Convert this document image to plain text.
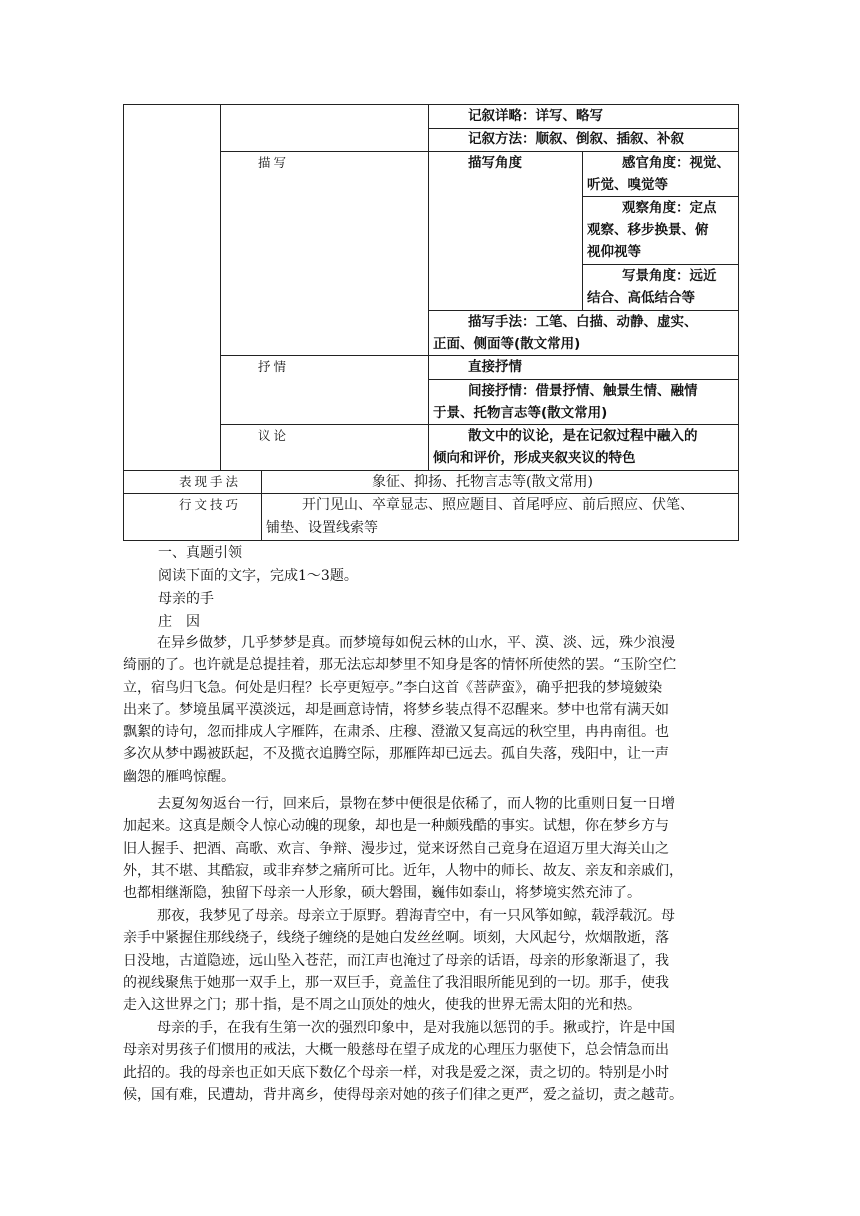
记叙详略：详写、略写
记叙方法：顺叙、倒叙、插叙、补叙
描写	描写角度	感官角度：视觉、
听觉、嗅觉等
观察角度：定点
观察、移步换景、俯
视仰视等
写景角度：远近
结合、高低结合等
描写手法：工笔、白描、动静、虚实、
正面、侧面等(散文常用)
抒情	直接抒情
间接抒情：借景抒情、触景生情、融情
于景、托物言志等(散文常用)
议论	散文中的议论，是在记叙过程中融入的
倾向和评价，形成夹叙夹议的特色
表现手法	象征、抑扬、托物言志等(散文常用)
行文技巧	开门见山、卒章显志、照应题目、首尾呼应、前后照应、伏笔、
铺垫、设置线索等
一、真题引领
阅读下面的文字，完成1～3题。
母亲的手
庄　因
在异乡做梦，几乎梦梦是真。而梦境每如倪云林的山水，平、漠、淡、远，殊少浪漫
绮丽的了。也许就是总提挂着，那无法忘却梦里不知身是客的情怀所使然的罢。“玉阶空伫
立，宿鸟归飞急。何处是归程？长亭更短亭。”李白这首《菩萨蛮》，确乎把我的梦境皴染
出来了。梦境虽属平漠淡远，却是画意诗情，将梦乡装点得不忍醒来。梦中也常有满天如
飘絮的诗句，忽而排成人字雁阵，在肃杀、庄穆、澄澈又复高远的秋空里，冉冉南徂。也
多次从梦中踢被跃起，不及揽衣追腾空际，那雁阵却已远去。孤自失落，残阳中，让一声
幽怨的雁鸣惊醒。
去夏匆匆返台一行，回来后，景物在梦中便很是依稀了，而人物的比重则日复一日增
加起来。这真是颇令人惊心动魄的现象，却也是一种颇残酷的事实。试想，你在梦乡方与
旧人握手、把酒、高歌、欢言、争辩、漫步过，觉来讶然自己竟身在迢迢万里大海关山之
外，其不堪、其酷寂，或非弃梦之痛所可比。近年，人物中的师长、故友、亲友和亲戚们，
也都相继渐隐，独留下母亲一人形象，硕大磐围，巍伟如泰山，将梦境实然充沛了。
那夜，我梦见了母亲。母亲立于原野。碧海青空中，有一只风筝如鲸，载浮载沉。母
亲手中紧握住那线绕子，线绕子缠绕的是她白发丝丝啊。顷刻，大风起兮，炊烟散逝，落
日没地，古道隐迹，远山坠入苍茫，而江声也淹过了母亲的话语，母亲的形象渐退了，我
的视线聚焦于她那一双手上，那一双巨手，竟盖住了我泪眼所能见到的一切。那手，使我
走入这世界之门；那十指，是不周之山顶处的烛火，使我的世界无需太阳的光和热。
母亲的手，在我有生第一次的强烈印象中，是对我施以惩罚的手。揪或拧，许是中国
母亲对男孩子们惯用的戒法，大概一般慈母在望子成龙的心理压力驱使下，总会情急而出
此招的。我的母亲也正如天底下数亿个母亲一样，对我是爱之深，责之切的。特别是小时
候，国有难，民遭劫，背井离乡，使得母亲对她的孩子们律之更严，爱之益切，责之越苛。
